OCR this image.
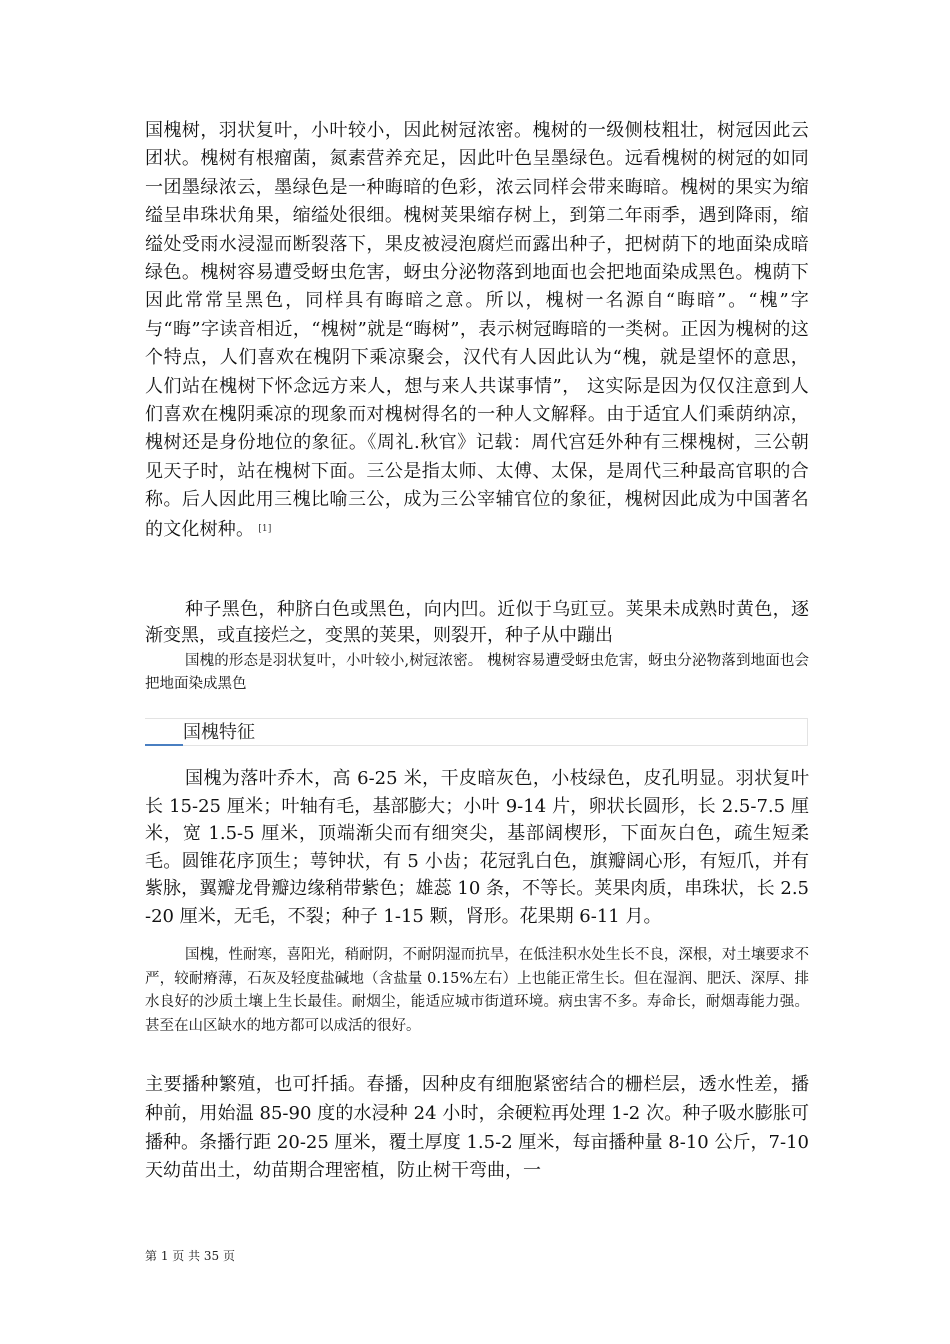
国槐树，羽状复叶，小叶较小，因此树冠浓密。槐树的一级侧枝粗壮，树冠因此云团状。槐树有根瘤菌，氮素营养充足，因此叶色呈墨绿色。远看槐树的树冠的如同一团墨绿浓云，墨绿色是一种晦暗的色彩，浓云同样会带来晦暗。槐树的果实为缩缢呈串珠状角果，缩缢处很细。槐树荚果缩存树上，到第二年雨季，遇到降雨，缩缢处受雨水浸湿而断裂落下，果皮被浸泡腐烂而露出种子，把树荫下的地面染成暗绿色。槐树容易遭受蚜虫危害，蚜虫分泌物落到地面也会把地面染成黑色。槐荫下因此常常呈黑色，同样具有晦暗之意。所以，槐树一名源自“晦暗”。“槐”字与“晦”字读音相近，“槐树”就是“晦树”，表示树冠晦暗的一类树。正因为槐树的这个特点，人们喜欢在槐阴下乘凉聚会，汉代有人因此认为“槐，就是望怀的意思，人们站在槐树下怀念远方来人，想与来人共谋事情”， 这实际是因为仅仅注意到人们喜欢在槐阴乘凉的现象而对槐树得名的一种人文解释。由于适宜人们乘荫纳凉，槐树还是身份地位的象征。《周礼.秋官》记载：周代宫廷外种有三棵槐树，三公朝见天子时，站在槐树下面。三公是指太师、太傅、太保，是周代三种最高官职的合称。后人因此用三槐比喻三公，成为三公宰辅官位的象征，槐树因此成为中国著名的文化树种。 [1]

种子黑色，种脐白色或黑色，向内凹。近似于乌豇豆。荚果未成熟时黄色，逐渐变黑，或直接烂之，变黑的荚果，则裂开，种子从中蹦出

国槐的形态是羽状复叶，小叶较小,树冠浓密。 槐树容易遭受蚜虫危害，蚜虫分泌物落到地面也会把地面染成黑色

国槐特征

国槐为落叶乔木，高 6-25 米，干皮暗灰色，小枝绿色，皮孔明显。羽状复叶长 15-25 厘米；叶轴有毛，基部膨大；小叶 9-14 片，卵状长圆形，长 2.5-7.5 厘米，宽 1.5-5 厘米，顶端渐尖而有细突尖，基部阔楔形，下面灰白色，疏生短柔毛。圆锥花序顶生；萼钟状，有 5 小齿；花冠乳白色，旗瓣阔心形，有短爪，并有紫脉，翼瓣龙骨瓣边缘稍带紫色；雄蕊 10 条，不等长。荚果肉质，串珠状，长 2.5-20 厘米，无毛，不裂；种子 1-15 颗，肾形。花果期 6-11 月。

国槐，性耐寒，喜阳光，稍耐阴，不耐阴湿而抗旱，在低洼积水处生长不良，深根，对土壤要求不严，较耐瘠薄，石灰及轻度盐碱地（含盐量 0.15%左右）上也能正常生长。但在湿润、肥沃、深厚、排水良好的沙质土壤上生长最佳。耐烟尘，能适应城市街道环境。病虫害不多。寿命长，耐烟毒能力强。甚至在山区缺水的地方都可以成活的很好。

主要播种繁殖，也可扦插。春播，因种皮有细胞紧密结合的栅栏层，透水性差，播种前，用始温 85-90 度的水浸种 24 小时，余硬粒再处理 1-2 次。种子吸水膨胀可播种。条播行距 20-25 厘米，覆土厚度 1.5-2 厘米，每亩播种量 8-10 公斤，7-10 天幼苗出土，幼苗期合理密植，防止树干弯曲，一

第 1 页 共 35 页
